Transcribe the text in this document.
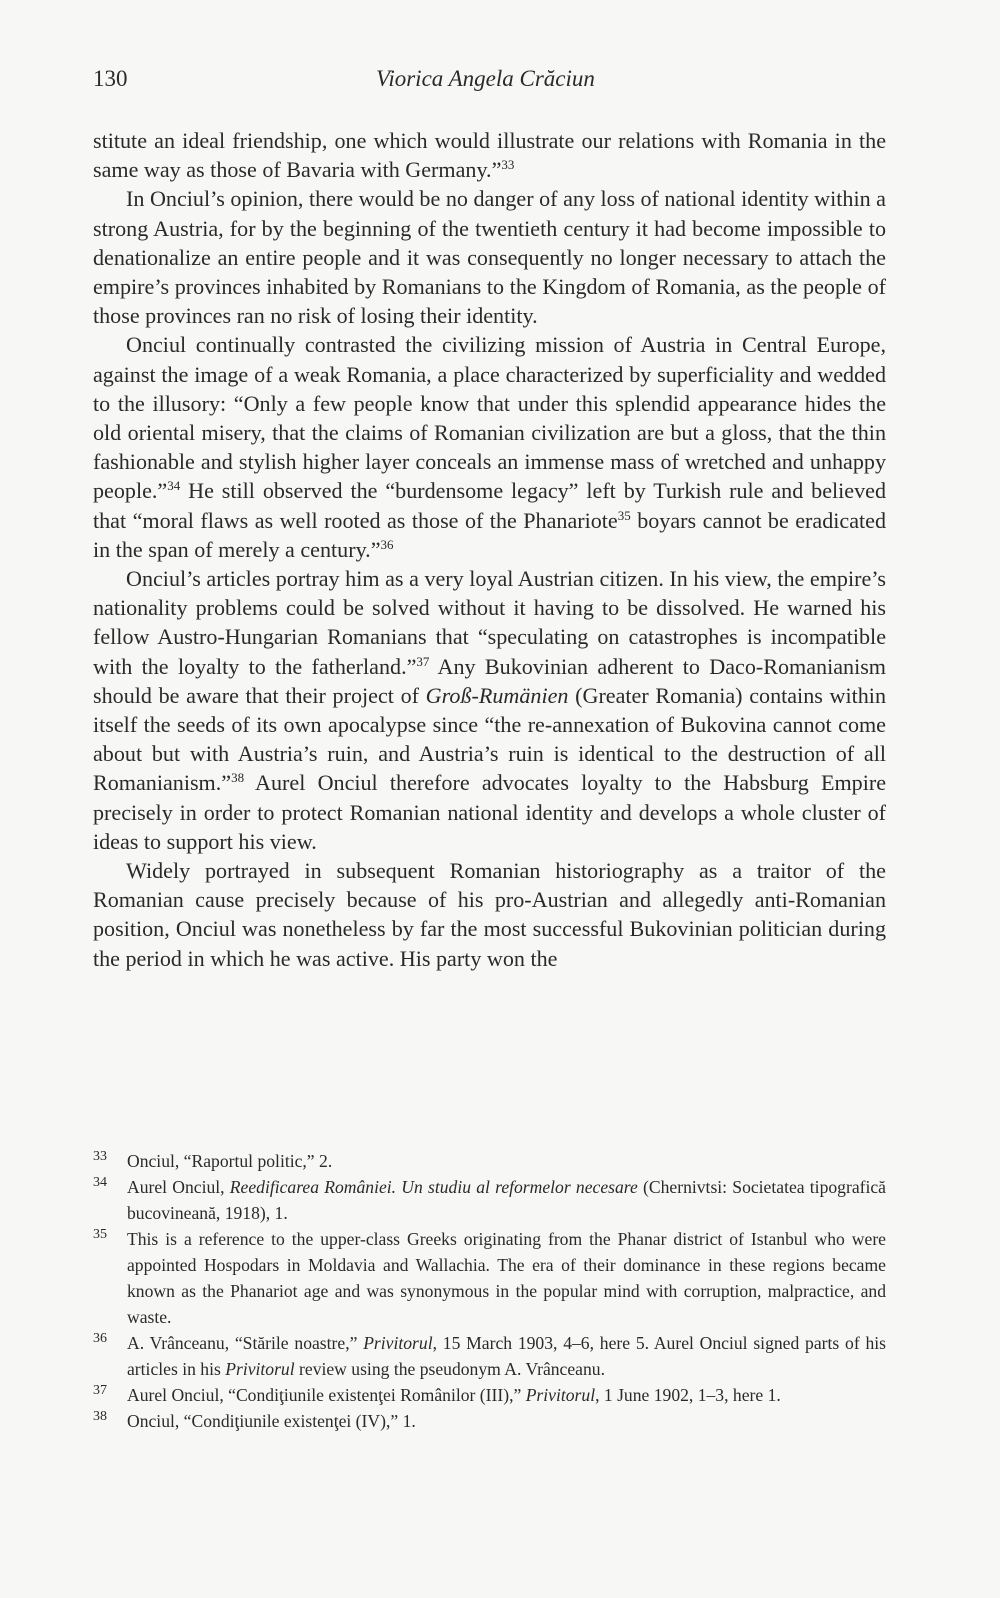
130	Viorica Angela Crăciun

stitute an ideal friendship, one which would illustrate our relations with Romania in the same way as those of Bavaria with Germany.”$^{33}$

In Onciul’s opinion, there would be no danger of any loss of national identity within a strong Austria, for by the beginning of the twentieth century it had become impossible to denationalize an entire people and it was consequently no longer necessary to attach the empire’s provinces inhabited by Romanians to the Kingdom of Romania, as the people of those provinces ran no risk of losing their identity.

Onciul continually contrasted the civilizing mission of Austria in Central Europe, against the image of a weak Romania, a place characterized by superficiality and wedded to the illusory: “Only a few people know that under this splendid appearance hides the old oriental misery, that the claims of Romanian civilization are but a gloss, that the thin fashionable and stylish higher layer conceals an immense mass of wretched and unhappy people.”$^{34}$ He still observed the “burdensome legacy” left by Turkish rule and believed that “moral flaws as well rooted as those of the Phanariote$^{35}$ boyars cannot be eradicated in the span of merely a century.”$^{36}$

Onciul’s articles portray him as a very loyal Austrian citizen. In his view, the empire’s nationality problems could be solved without it having to be dissolved. He warned his fellow Austro-Hungarian Romanians that “speculating on catastrophes is incompatible with the loyalty to the fatherland.”$^{37}$ Any Bukovinian adherent to Daco-Romanianism should be aware that their project of Groß-Rumänien (Greater Romania) contains within itself the seeds of its own apocalypse since “the re-annexation of Bukovina cannot come about but with Austria’s ruin, and Austria’s ruin is identical to the destruction of all Romanianism.”$^{38}$ Aurel Onciul therefore advocates loyalty to the Habsburg Empire precisely in order to protect Romanian national identity and develops a whole cluster of ideas to support his view.

Widely portrayed in subsequent Romanian historiography as a traitor of the Romanian cause precisely because of his pro-Austrian and allegedly anti-Romanian position, Onciul was nonetheless by far the most successful Bukovinian politician during the period in which he was active. His party won the

33 Onciul, “Raportul politic,” 2.

34 Aurel Onciul, Reedificarea României. Un studiu al reformelor necesare (Chernivtsi: Societatea tipografică bucovineană, 1918), 1.

35 This is a reference to the upper-class Greeks originating from the Phanar district of Istanbul who were appointed Hospodars in Moldavia and Wallachia. The era of their dominance in these regions became known as the Phanariot age and was synonymous in the popular mind with corruption, malpractice, and waste.

36 A. Vrânceanu, “Stările noastre,” Privitorul, 15 March 1903, 4–6, here 5. Aurel Onciul signed parts of his articles in his Privitorul review using the pseudonym A. Vrânceanu.

37 Aurel Onciul, “Condiţiunile existenţei Românilor (III),” Privitorul, 1 June 1902, 1–3, here 1.

38 Onciul, “Condiţiunile existenţei (IV),” 1.
